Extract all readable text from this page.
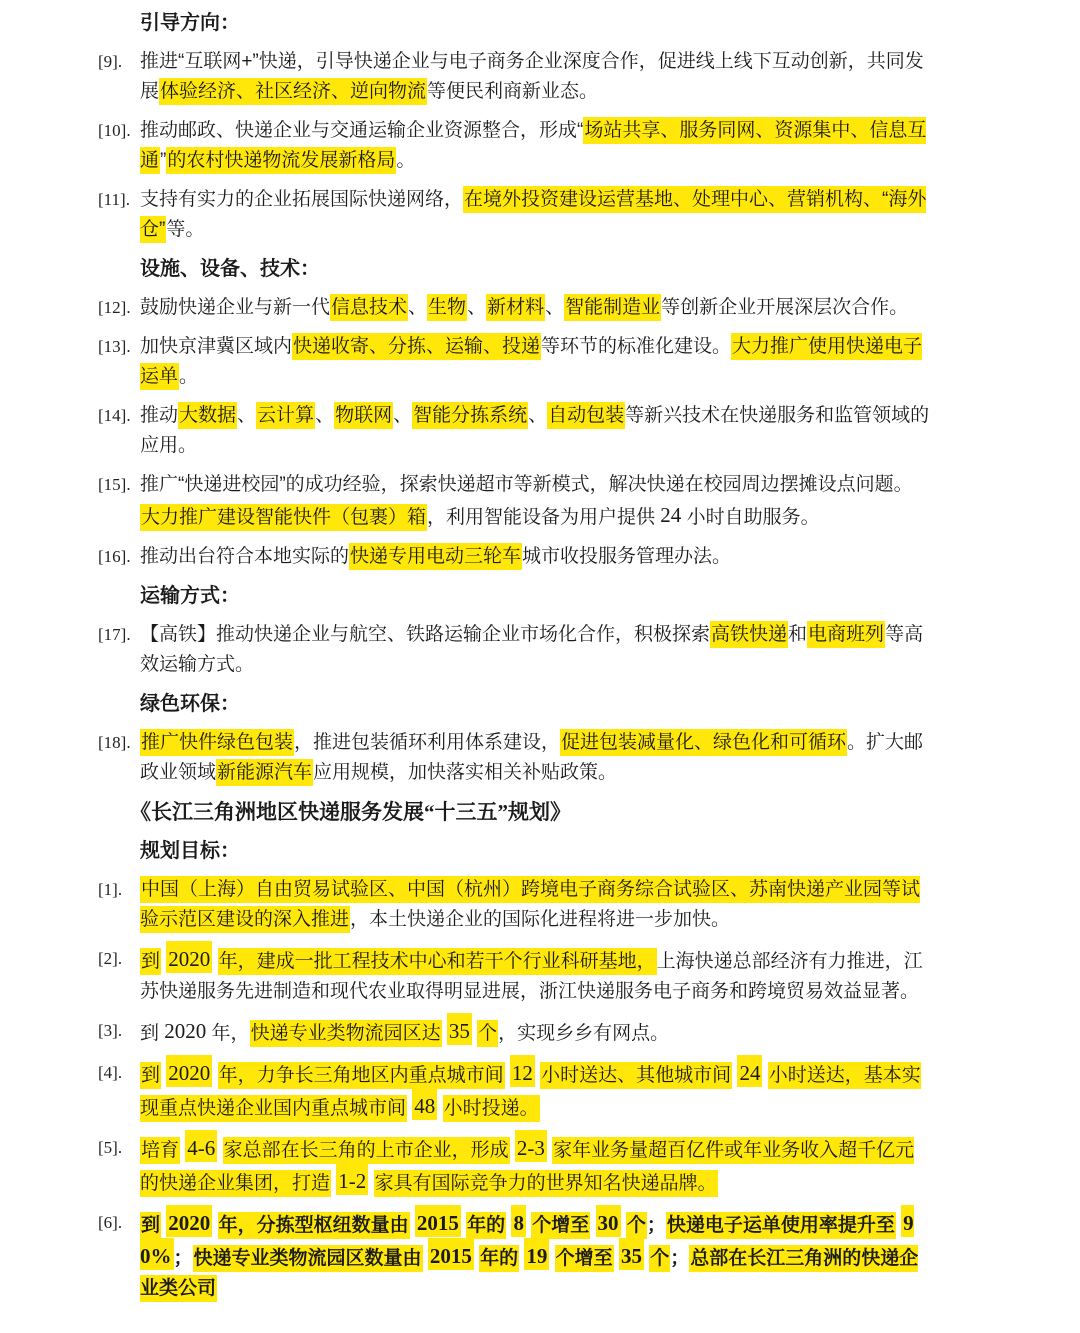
引导方向：
[9]. 推进“互联网+”快递，引导快递企业与电子商务企业深度合作，促进线上线下互动创新，共同发展体验经济、社区经济、逆向物流等便民利商新业态。
[10]. 推动邮政、快递企业与交通运输企业资源整合，形成“场站共享、服务同网、资源集中、信息互通”的农村快递物流发展新格局。
[11]. 支持有实力的企业拓展国际快递网络，在境外投资建设运营基地、处理中心、营销机构、“海外仓”等。
设施、设备、技术：
[12]. 鼓励快递企业与新一代信息技术、生物、新材料、智能制造业等创新企业开展深层次合作。
[13]. 加快京津冀区域内快递收寄、分拣、运输、投递等环节的标准化建设。大力推广使用快递电子运单。
[14]. 推动大数据、云计算、物联网、智能分拣系统、自动包装等新兴技术在快递服务和监管领域的应用。
[15]. 推广“快递进校园”的成功经验，探索快递超市等新模式，解决快递在校园周边摆摊设点问题。大力推广建设智能快件（包裹）箱，利用智能设备为用户提供 24 小时自助服务。
[16]. 推动出台符合本地实际的快递专用电动三轮车城市收投服务管理办法。
运输方式：
[17]. 【高铁】推动快递企业与航空、铁路运输企业市场化合作，积极探索高铁快递和电商班列等高效运输方式。
绿色环保：
[18]. 推广快件绿色包装，推进包装循环利用体系建设，促进包装减量化、绿色化和可循环。扩大邮政业领域新能源汽车应用规模，加快落实相关补贴政策。
《长江三角洲地区快递服务发展“十三五”规划》
规划目标：
[1]. 中国（上海）自由贸易试验区、中国（杭州）跨境电子商务综合试验区、苏南快递产业园等试验示范区建设的深入推进，本土快递企业的国际化进程将进一步加快。
[2]. 到 2020 年，建成一批工程技术中心和若干个行业科研基地，上海快递总部经济有力推进，江苏快递服务先进制造和现代农业取得明显进展，浙江快递服务电子商务和跨境贸易效益显著。
[3]. 到 2020 年，快递专业类物流园区达 35 个，实现乡乡有网点。
[4]. 到 2020 年，力争长三角地区内重点城市间 12 小时送达、其他城市间 24 小时送达，基本实现重点快递企业国内重点城市间 48 小时投递。
[5]. 培育 4-6 家总部在长三角的上市企业，形成 2-3 家年业务量超百亿件或年业务收入超千亿元的快递企业集团，打造 1-2 家具有国际竞争力的世界知名快递品牌。
[6]. 到 2020 年，分拣型枢纽数量由 2015 年的 8 个增至 30 个；快递电子运单使用率提升至 90% ；快递专业类物流园区数量由 2015 年的 19 个增至 35 个；总部在长江三角洲的快递企业类公司
